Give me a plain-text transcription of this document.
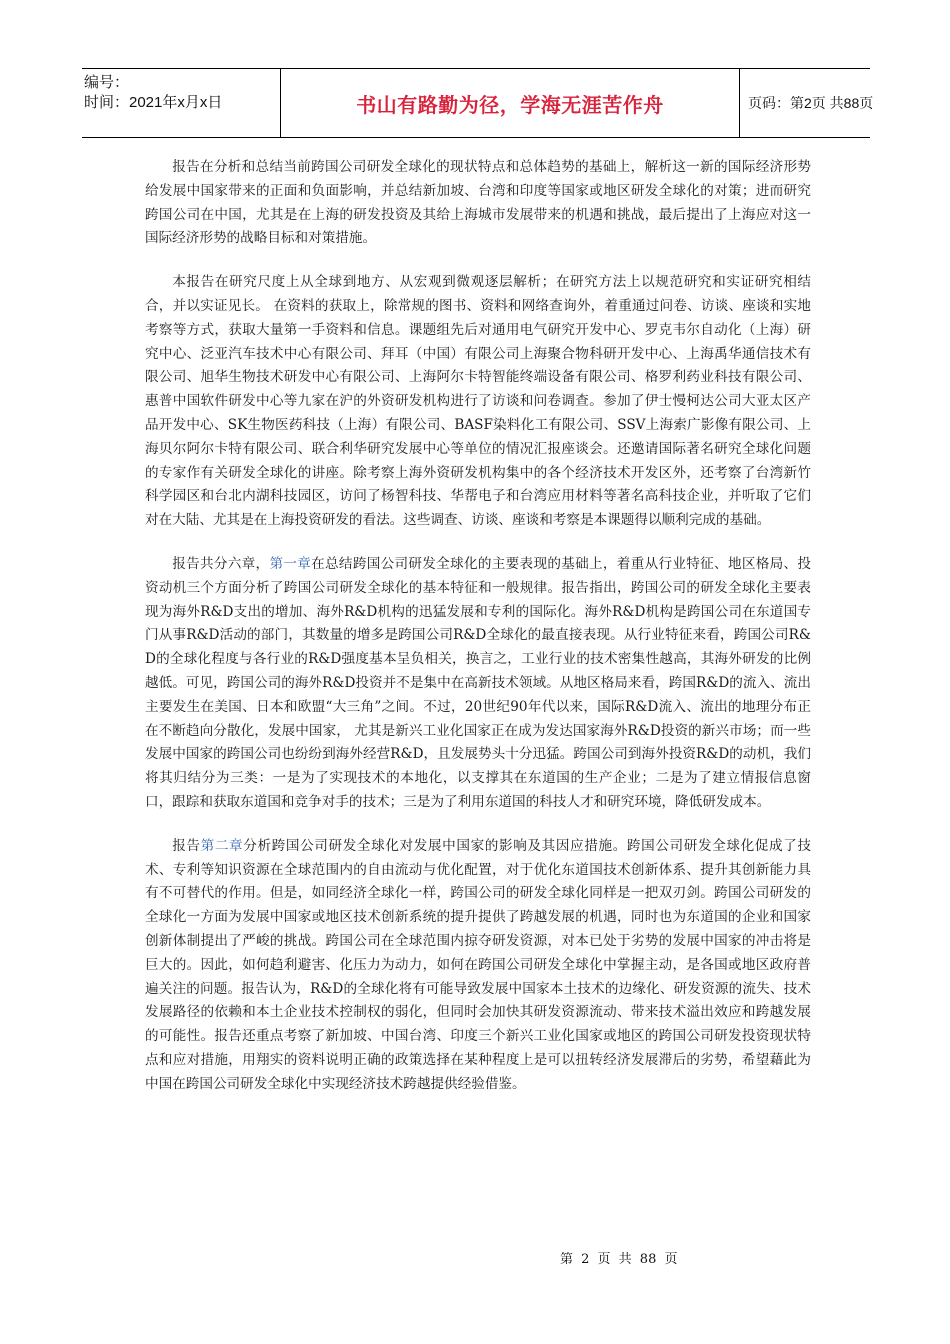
编号：
时间：2021年x月x日	书山有路勤为径，学海无涯苦作舟	页码：第2页 共88页

报告在分析和总结当前跨国公司研发全球化的现状特点和总体趋势的基础上，解析这一新的国际经济形势给发展中国家带来的正面和负面影响，并总结新加坡、台湾和印度等国家或地区研发全球化的对策；进而研究跨国公司在中国，尤其是在上海的研发投资及其给上海城市发展带来的机遇和挑战，最后提出了上海应对这一国际经济形势的战略目标和对策措施。

本报告在研究尺度上从全球到地方、从宏观到微观逐层解析；在研究方法上以规范研究和实证研究相结合，并以实证见长。 在资料的获取上，除常规的图书、资料和网络查询外，着重通过问卷、访谈、座谈和实地考察等方式，获取大量第一手资料和信息。课题组先后对通用电气研究开发中心、罗克韦尔自动化（上海）研究中心、泛亚汽车技术中心有限公司、拜耳（中国）有限公司上海聚合物科研开发中心、上海禹华通信技术有限公司、旭华生物技术研发中心有限公司、上海阿尔卡特智能终端设备有限公司、格罗利药业科技有限公司、惠普中国软件研发中心等九家在沪的外资研发机构进行了访谈和问卷调查。参加了伊士慢柯达公司大亚太区产品开发中心、SK生物医药科技（上海）有限公司、BASF染料化工有限公司、SSV上海索广影像有限公司、上海贝尔阿尔卡特有限公司、联合利华研究发展中心等单位的情况汇报座谈会。还邀请国际著名研究全球化问题的专家作有关研发全球化的讲座。除考察上海外资研发机构集中的各个经济技术开发区外，还考察了台湾新竹科学园区和台北内湖科技园区，访问了杨智科技、华帮电子和台湾应用材料等著名高科技企业，并听取了它们对在大陆、尤其是在上海投资研发的看法。这些调查、访谈、座谈和考察是本课题得以顺利完成的基础。

报告共分六章，第一章在总结跨国公司研发全球化的主要表现的基础上，着重从行业特征、地区格局、投资动机三个方面分析了跨国公司研发全球化的基本特征和一般规律。报告指出，跨国公司的研发全球化主要表现为海外R&D支出的增加、海外R&D机构的迅猛发展和专利的国际化。海外R&D机构是跨国公司在东道国专门从事R&D活动的部门，其数量的增多是跨国公司R&D全球化的最直接表现。从行业特征来看，跨国公司R&D的全球化程度与各行业的R&D强度基本呈负相关，换言之，工业行业的技术密集性越高，其海外研发的比例越低。可见，跨国公司的海外R&D投资并不是集中在高新技术领域。从地区格局来看，跨国R&D的流入、流出主要发生在美国、日本和欧盟“大三角”之间。不过，20世纪90年代以来，国际R&D流入、流出的地理分布正在不断趋向分散化，发展中国家， 尤其是新兴工业化国家正在成为发达国家海外R&D投资的新兴市场；而一些发展中国家的跨国公司也纷纷到海外经营R&D，且发展势头十分迅猛。跨国公司到海外投资R&D的动机，我们将其归结分为三类：一是为了实现技术的本地化，以支撑其在东道国的生产企业；二是为了建立情报信息窗口，跟踪和获取东道国和竞争对手的技术；三是为了利用东道国的科技人才和研究环境，降低研发成本。

报告第二章分析跨国公司研发全球化对发展中国家的影响及其因应措施。跨国公司研发全球化促成了技术、专利等知识资源在全球范围内的自由流动与优化配置，对于优化东道国技术创新体系、提升其创新能力具有不可替代的作用。但是，如同经济全球化一样，跨国公司的研发全球化同样是一把双刃剑。跨国公司研发的全球化一方面为发展中国家或地区技术创新系统的提升提供了跨越发展的机遇，同时也为东道国的企业和国家创新体制提出了严峻的挑战。跨国公司在全球范围内掠夺研发资源，对本已处于劣势的发展中国家的冲击将是巨大的。因此，如何趋利避害、化压力为动力，如何在跨国公司研发全球化中掌握主动，是各国或地区政府普遍关注的问题。报告认为，R&D的全球化将有可能导致发展中国家本土技术的边缘化、研发资源的流失、技术发展路径的依赖和本土企业技术控制权的弱化，但同时会加快其研发资源流动、带来技术溢出效应和跨越发展的可能性。报告还重点考察了新加坡、中国台湾、印度三个新兴工业化国家或地区的跨国公司研发投资现状特点和应对措施，用翔实的资料说明正确的政策选择在某种程度上是可以扭转经济发展滞后的劣势，希望藉此为中国在跨国公司研发全球化中实现经济技术跨越提供经验借鉴。

第 2 页 共 88 页
